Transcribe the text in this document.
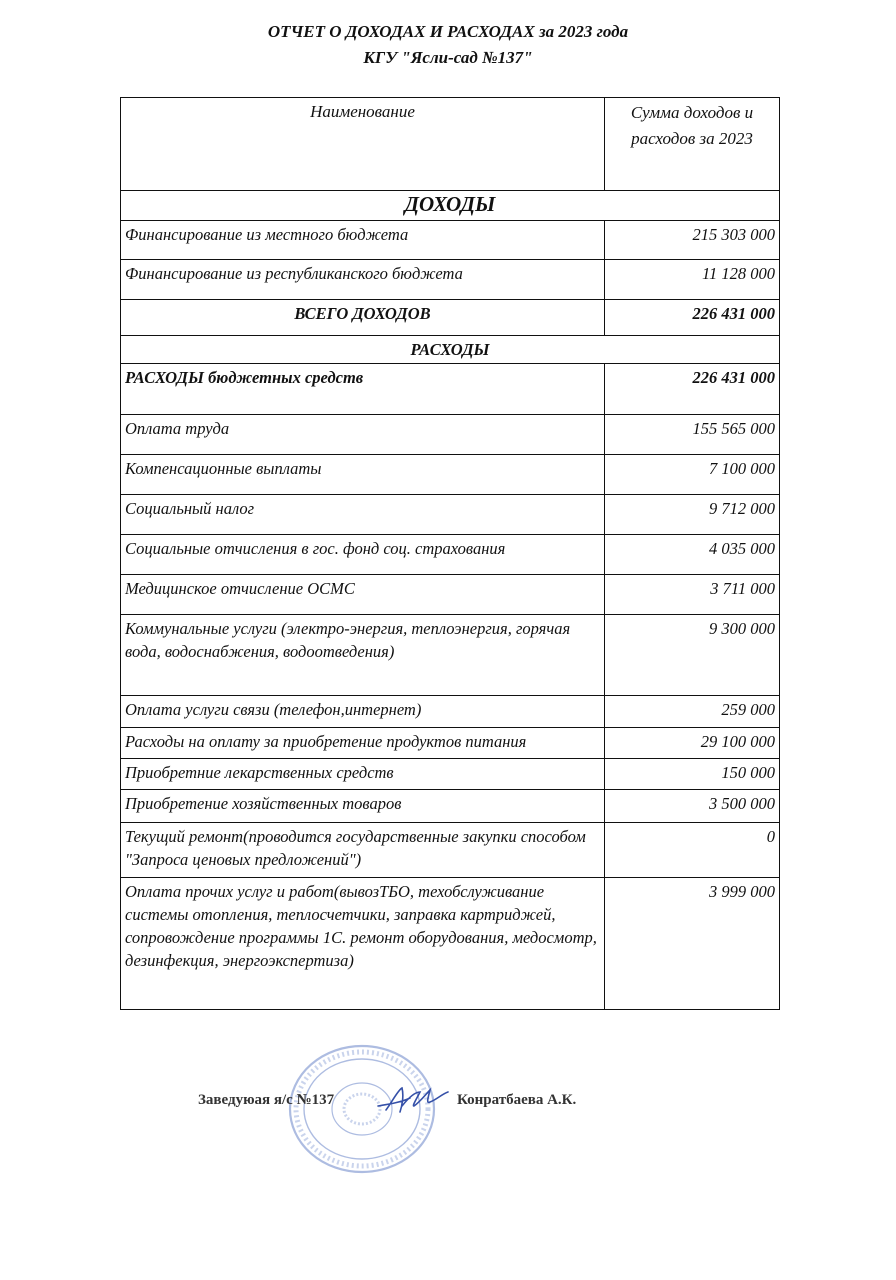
ОТЧЕТ О ДОХОДАХ И РАСХОДАХ за 2023 года
КГУ "Ясли-сад №137"
Наименование	Сумма доходов и расходов за 2023
ДОХОДЫ	
Финансирование из местного бюджета	215 303 000
Финансирование из республиканского бюджета	11 128 000
ВСЕГО ДОХОДОВ	226 431 000
РАСХОДЫ	
РАСХОДЫ бюджетных средств	226 431 000
Оплата труда	155 565 000
Компенсационные выплаты	7 100 000
Социальный налог	9 712 000
Социальные отчисления в гос. фонд соц. страхования	4 035 000
Медицинское отчисление ОСМС	3 711 000
Коммунальные услуги (электро-энергия, теплоэнергия, горячая вода, водоснабжения, водоотведения)	9 300 000
Оплата услуги связи (телефон,интернет)	259 000
Расходы на оплату за приобретение продуктов питания	29 100 000
Приобретние лекарственных средств	150 000
Приобретение хозяйственных товаров	3 500 000
Текущий ремонт(проводится государственные закупки способом "Запроса ценовых предложений")	0
Оплата прочих услуг и работ(вывозТБО, техобслуживание системы отопления, теплосчетчики, заправка картриджей, сопровождение программы 1С. ремонт оборудования, медосмотр, дезинфекция, энергоэкспертиза)	3 999 000
Заведуюая я/с №137	Конратбаева А.К.
